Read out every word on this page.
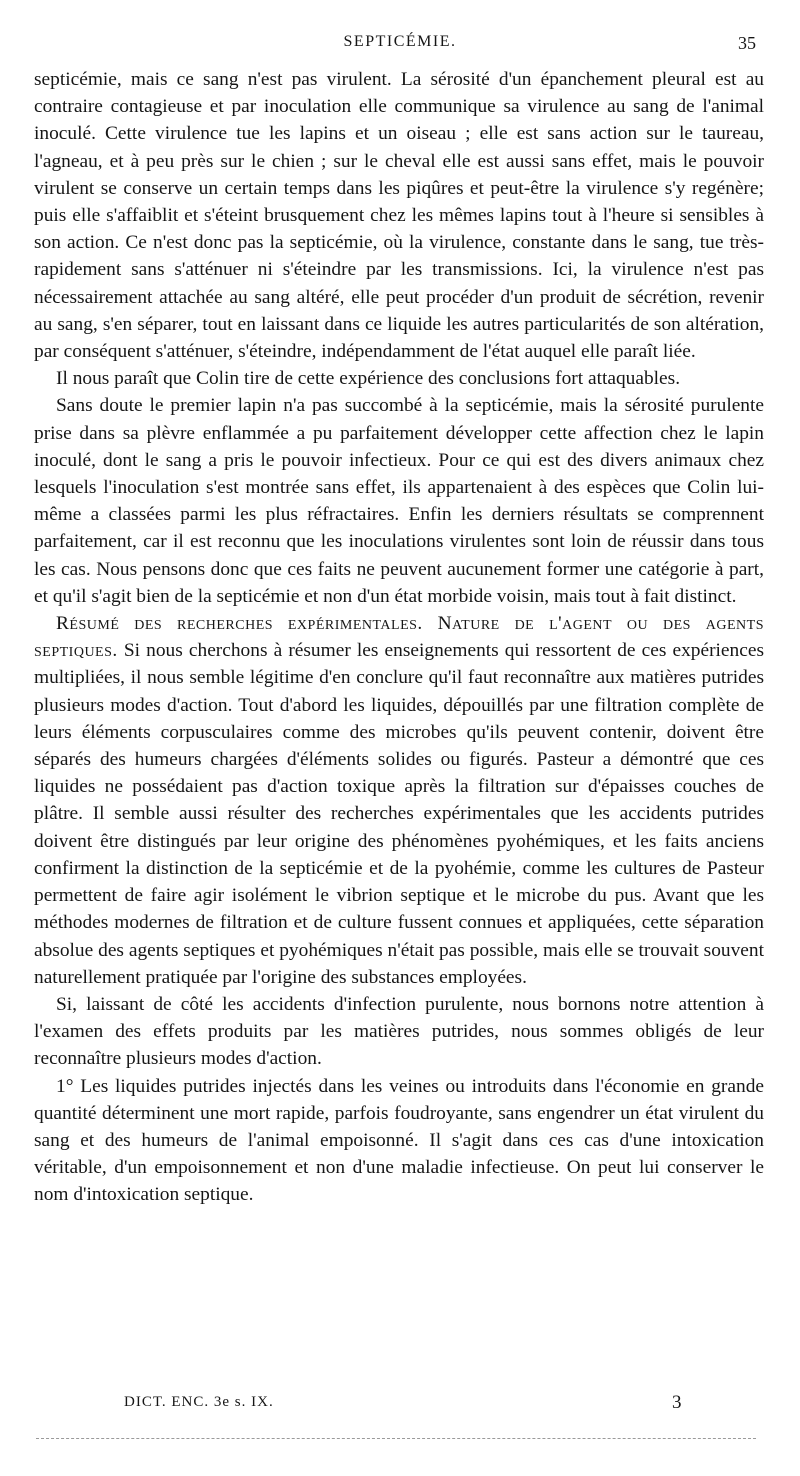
SEPTICÉMIE.	35

septicémie, mais ce sang n'est pas virulent. La sérosité d'un épanchement pleural est au contraire contagieuse et par inoculation elle communique sa virulence au sang de l'animal inoculé. Cette virulence tue les lapins et un oiseau ; elle est sans action sur le taureau, l'agneau, et à peu près sur le chien ; sur le cheval elle est aussi sans effet, mais le pouvoir virulent se conserve un certain temps dans les piqûres et peut-être la virulence s'y regénère; puis elle s'affaiblit et s'éteint brusquement chez les mêmes lapins tout à l'heure si sensibles à son action. Ce n'est donc pas la septicémie, où la virulence, constante dans le sang, tue très-rapidement sans s'atténuer ni s'éteindre par les transmissions. Ici, la virulence n'est pas nécessairement attachée au sang altéré, elle peut procéder d'un produit de sécrétion, revenir au sang, s'en séparer, tout en laissant dans ce liquide les autres particularités de son altération, par conséquent s'atténuer, s'éteindre, indépendamment de l'état auquel elle paraît liée.

Il nous paraît que Colin tire de cette expérience des conclusions fort attaquables.

Sans doute le premier lapin n'a pas succombé à la septicémie, mais la sérosité purulente prise dans sa plèvre enflammée a pu parfaitement développer cette affection chez le lapin inoculé, dont le sang a pris le pouvoir infectieux. Pour ce qui est des divers animaux chez lesquels l'inoculation s'est montrée sans effet, ils appartenaient à des espèces que Colin lui-même a classées parmi les plus réfractaires. Enfin les derniers résultats se comprennent parfaitement, car il est reconnu que les inoculations virulentes sont loin de réussir dans tous les cas. Nous pensons donc que ces faits ne peuvent aucunement former une catégorie à part, et qu'il s'agit bien de la septicémie et non d'un état morbide voisin, mais tout à fait distinct.

Résumé des recherches expérimentales. Nature de l'agent ou des agents septiques. Si nous cherchons à résumer les enseignements qui ressortent de ces expériences multipliées, il nous semble légitime d'en conclure qu'il faut reconnaître aux matières putrides plusieurs modes d'action. Tout d'abord les liquides, dépouillés par une filtration complète de leurs éléments corpusculaires comme des microbes qu'ils peuvent contenir, doivent être séparés des humeurs chargées d'éléments solides ou figurés. Pasteur a démontré que ces liquides ne possédaient pas d'action toxique après la filtration sur d'épaisses couches de plâtre. Il semble aussi résulter des recherches expérimentales que les accidents putrides doivent être distingués par leur origine des phénomènes pyohémiques, et les faits anciens confirment la distinction de la septicémie et de la pyohémie, comme les cultures de Pasteur permettent de faire agir isolément le vibrion septique et le microbe du pus. Avant que les méthodes modernes de filtration et de culture fussent connues et appliquées, cette séparation absolue des agents septiques et pyohémiques n'était pas possible, mais elle se trouvait souvent naturellement pratiquée par l'origine des substances employées.

Si, laissant de côté les accidents d'infection purulente, nous bornons notre attention à l'examen des effets produits par les matières putrides, nous sommes obligés de leur reconnaître plusieurs modes d'action.

1° Les liquides putrides injectés dans les veines ou introduits dans l'économie en grande quantité déterminent une mort rapide, parfois foudroyante, sans engendrer un état virulent du sang et des humeurs de l'animal empoisonné. Il s'agit dans ces cas d'une intoxication véritable, d'un empoisonnement et non d'une maladie infectieuse. On peut lui conserver le nom d'intoxication septique.

DICT. ENC. 3e s. IX.	3
